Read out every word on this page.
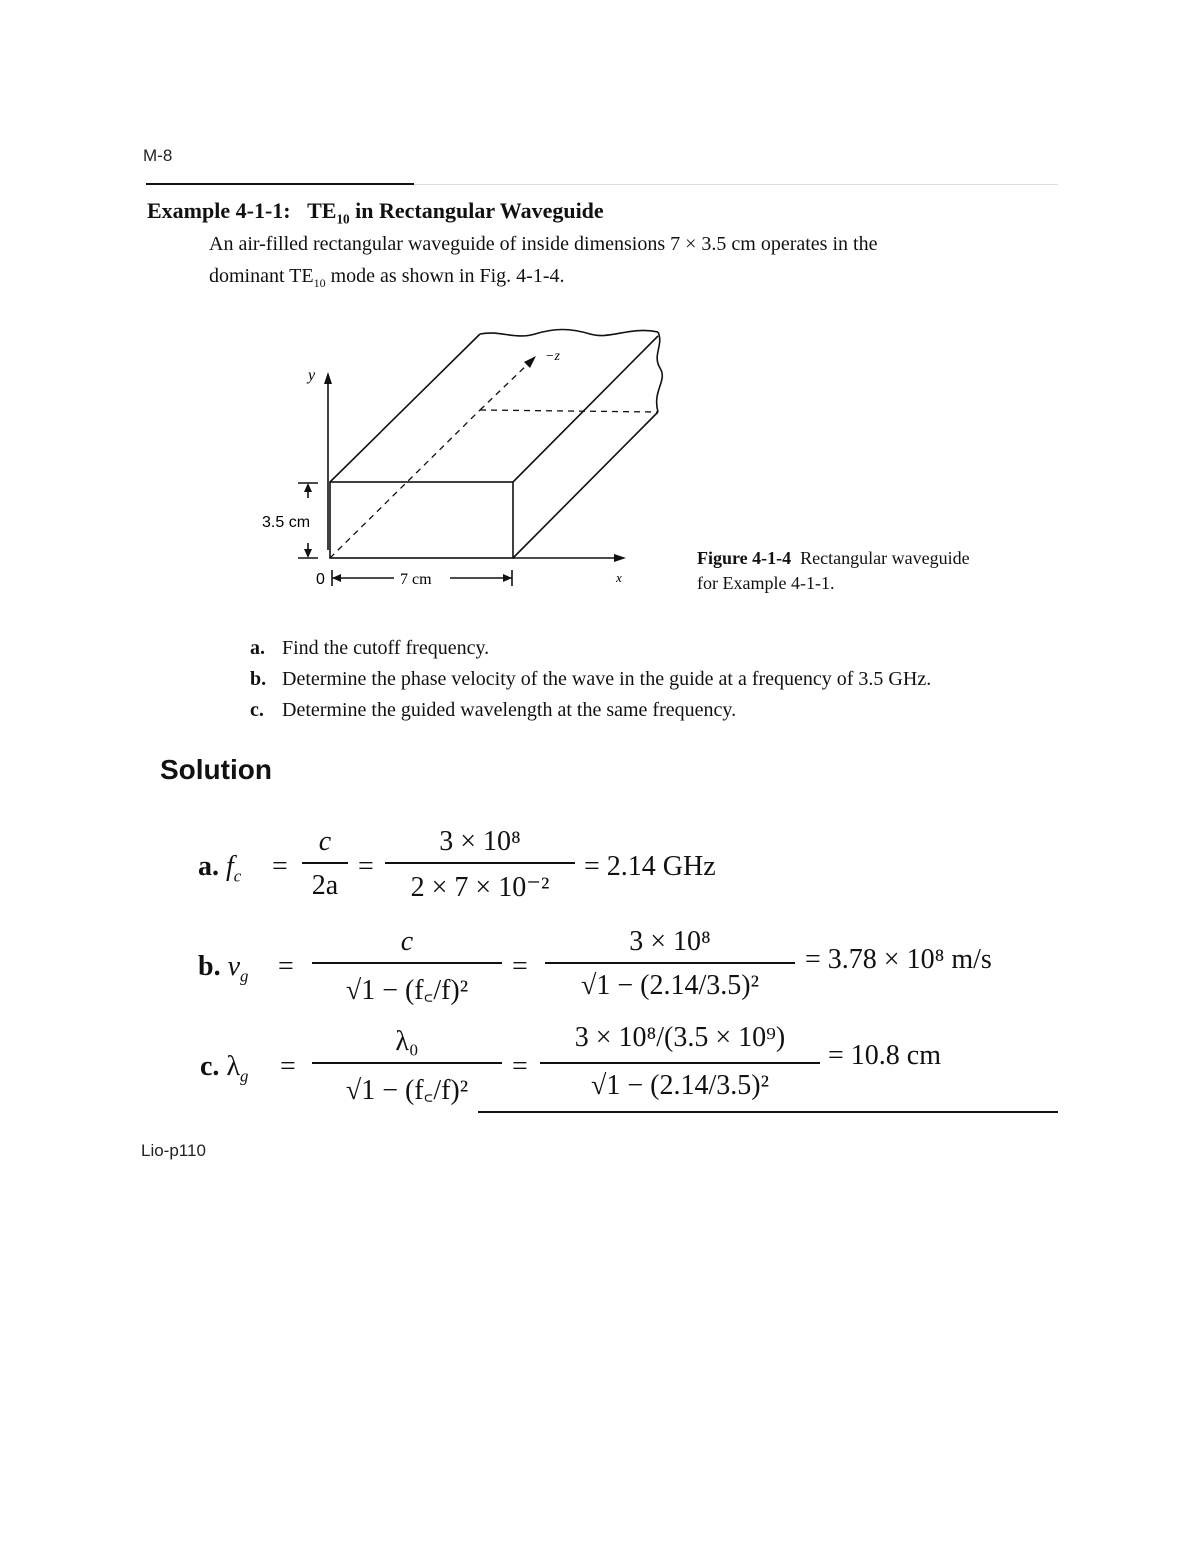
M-8
Example 4-1-1: $TE_{10}$ in Rectangular Waveguide
An air-filled rectangular waveguide of inside dimensions 7 × 3.5 cm operates in the
dominant $TE_{10}$ mode as shown in Fig. 4-1-4.
y
x
−z
0
3.5 cm
7 cm
Figure 4-1-4 Rectangular waveguide
for Example 4-1-1.
a. Find the cutoff frequency.
b. Determine the phase velocity of the wave in the guide at a frequency of 3.5 GHz.
c. Determine the guided wavelength at the same frequency.
Solution
a. $f_c$ =
c
2a
=
3 × 10⁸
2 × 7 × 10⁻²
= 2.14 GHz
b. $v_g$ =
c
√1 − (f꜀/f)²
=
3 × 10⁸
√1 − (2.14/3.5)²
= 3.78 × 10⁸ m/s
c. $\lambda_g$ =
λ₀
√1 − (f꜀/f)²
=
3 × 10⁸/(3.5 × 10⁹)
√1 − (2.14/3.5)²
= 10.8 cm
Lio-p110
